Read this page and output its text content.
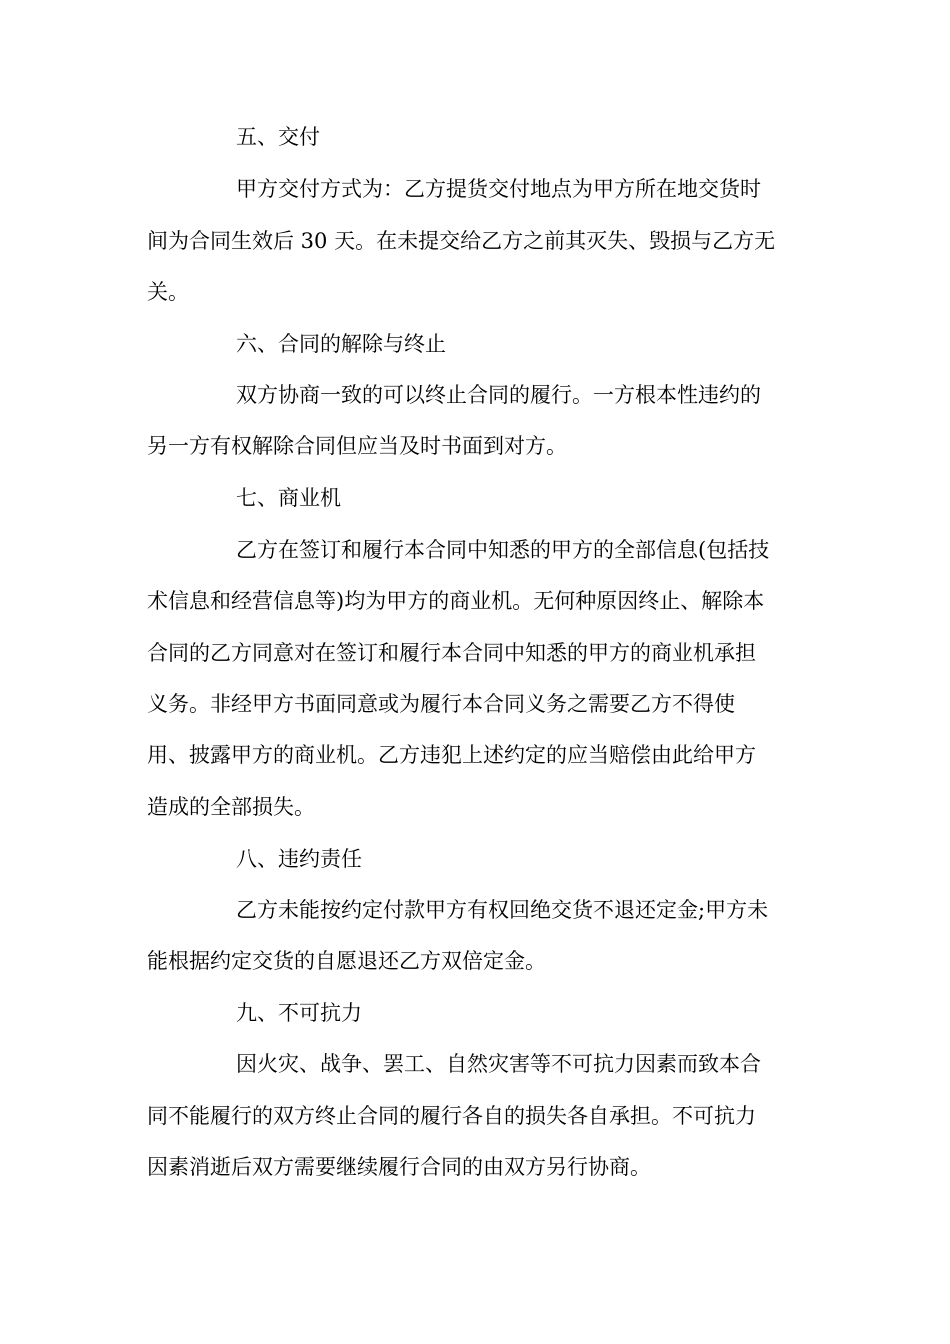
五、交付
甲方交付方式为：乙方提货交付地点为甲方所在地交货时
间为合同生效后 30 天。在未提交给乙方之前其灭失、毁损与乙方无
关。
六、合同的解除与终止
双方协商一致的可以终止合同的履行。一方根本性违约的
另一方有权解除合同但应当及时书面到对方。
七、商业机
乙方在签订和履行本合同中知悉的甲方的全部信息(包括技
术信息和经营信息等)均为甲方的商业机。无何种原因终止、解除本
合同的乙方同意对在签订和履行本合同中知悉的甲方的商业机承担
义务。非经甲方书面同意或为履行本合同义务之需要乙方不得使
用、披露甲方的商业机。乙方违犯上述约定的应当赔偿由此给甲方
造成的全部损失。
八、违约责任
乙方未能按约定付款甲方有权回绝交货不退还定金;甲方未
能根据约定交货的自愿退还乙方双倍定金。
九、不可抗力
因火灾、战争、罢工、自然灾害等不可抗力因素而致本合
同不能履行的双方终止合同的履行各自的损失各自承担。不可抗力
因素消逝后双方需要继续履行合同的由双方另行协商。
